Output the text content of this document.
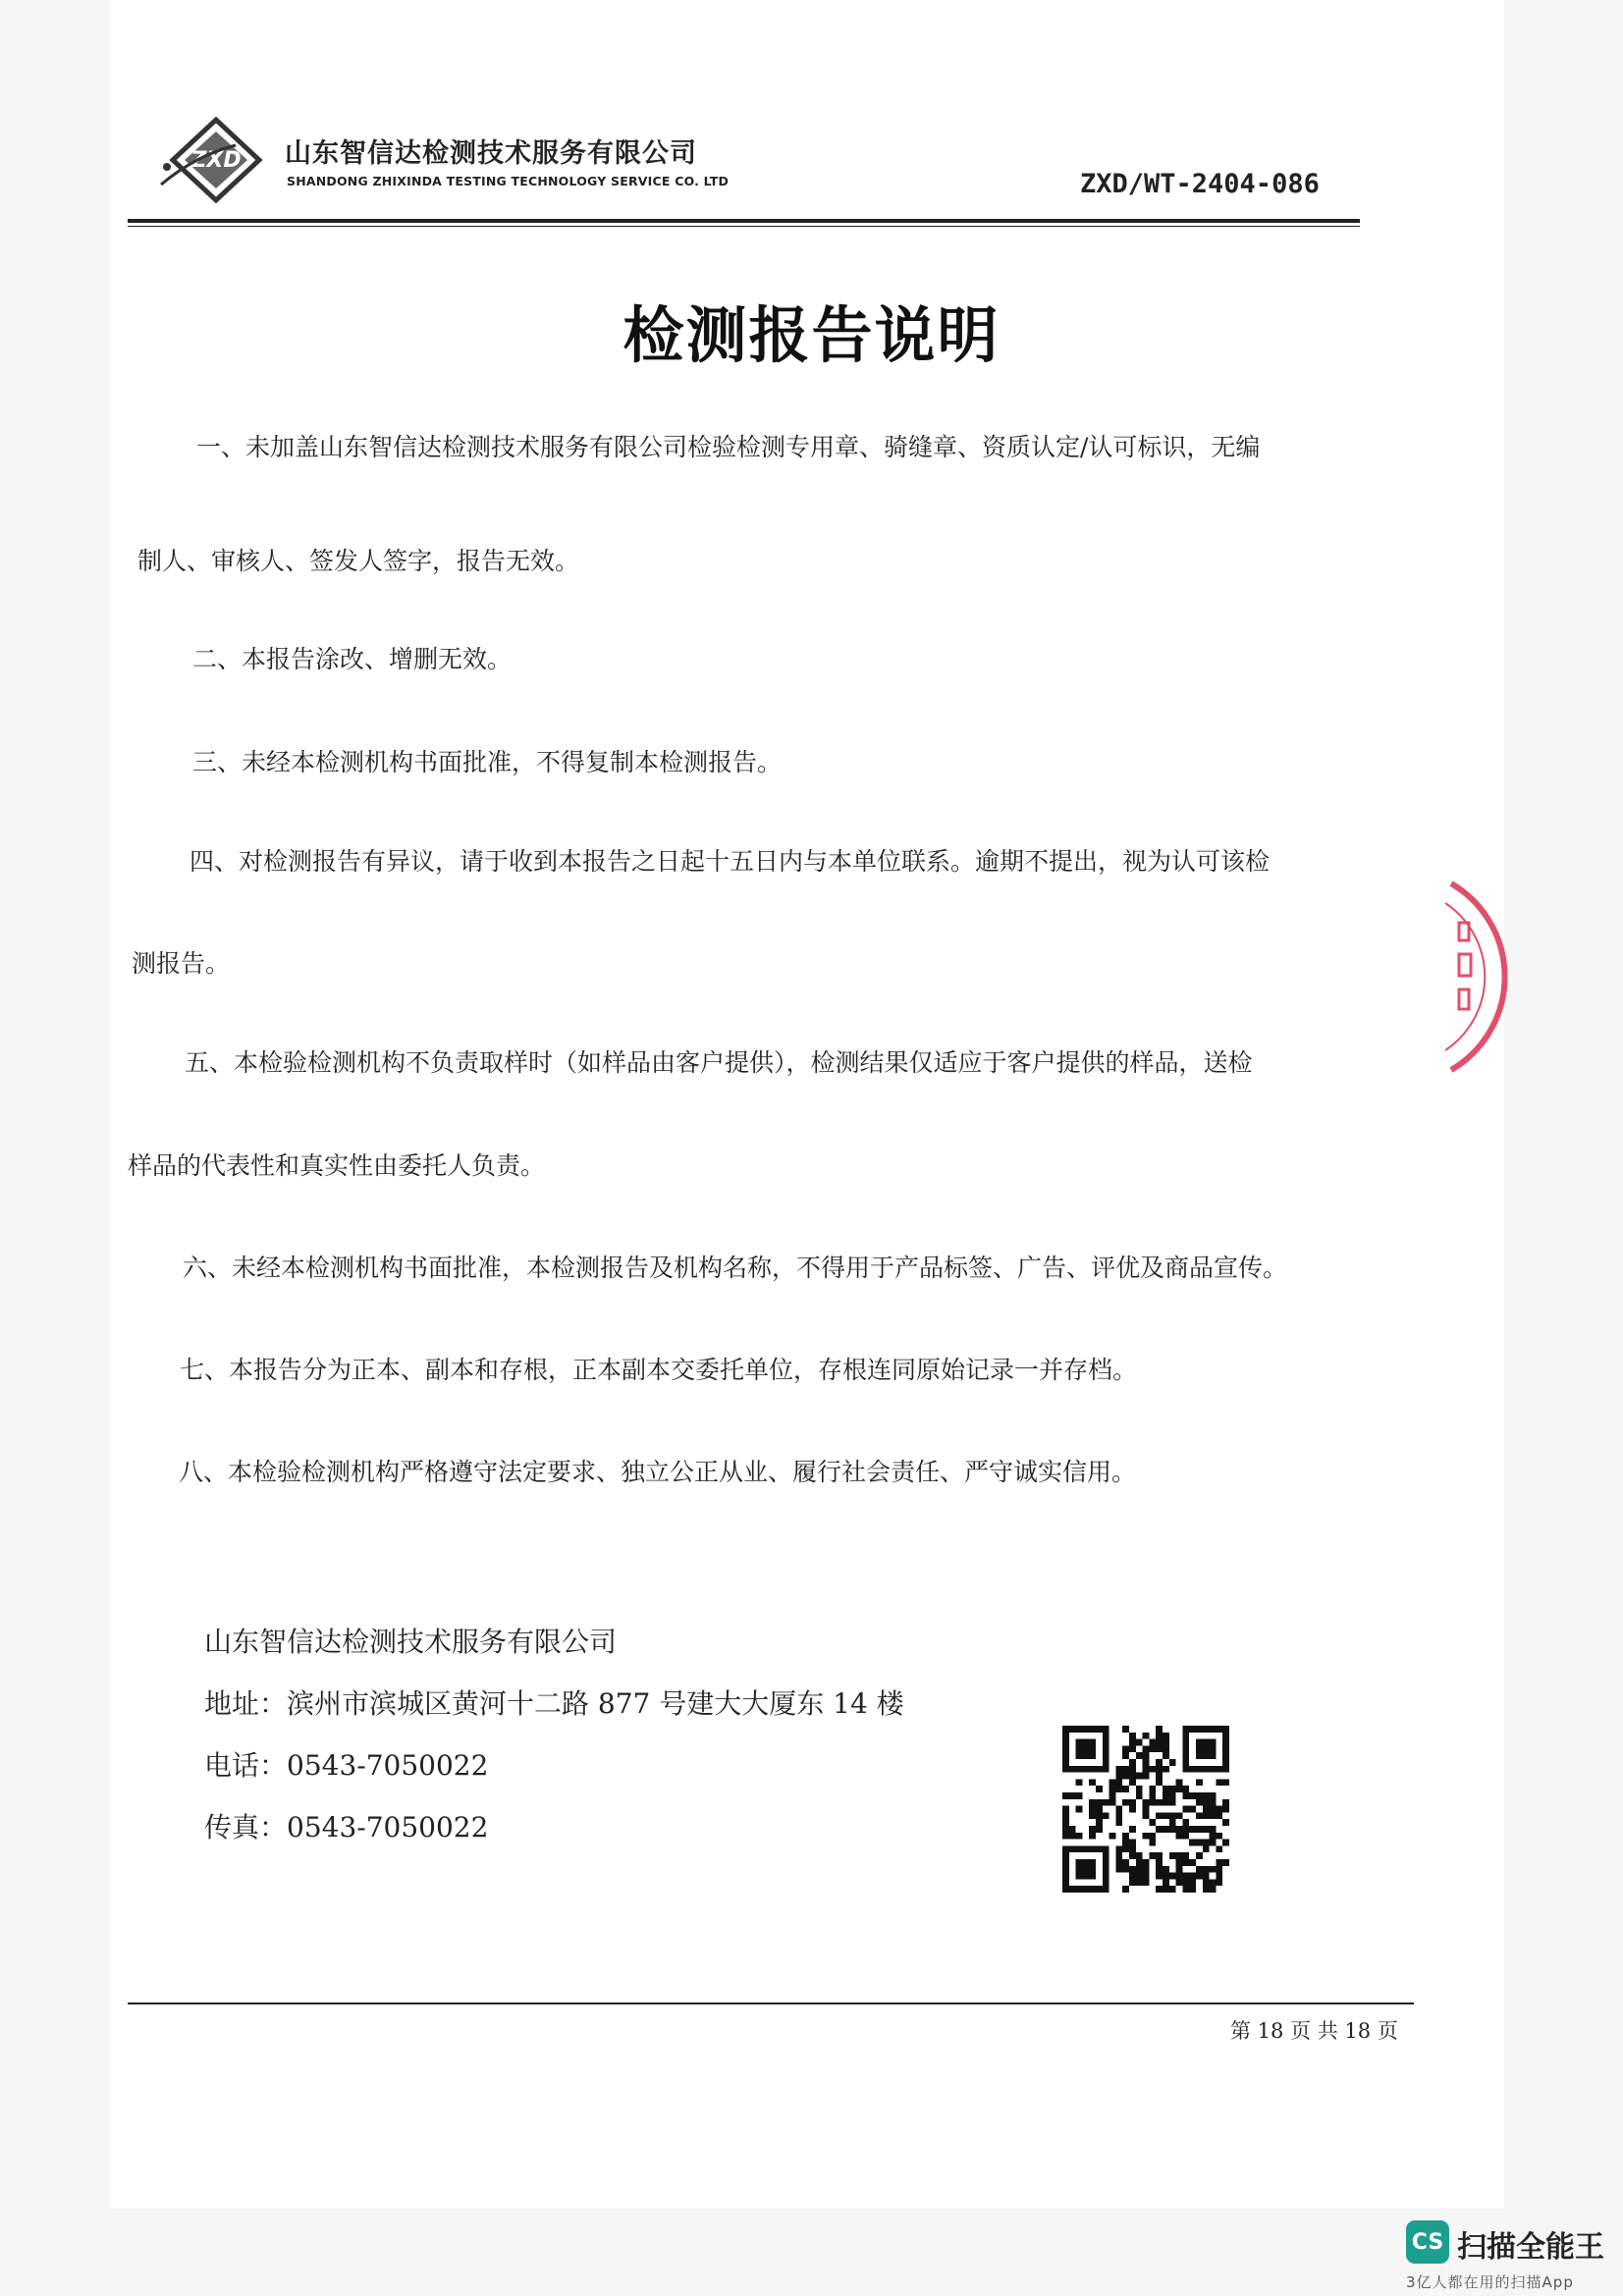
ZXD 山东智信达检测技术服务有限公司
SHANDONG ZHIXINDA TESTING TECHNOLOGY SERVICE CO. LTD	ZXD/WT-2404-086
检测报告说明
一、未加盖山东智信达检测技术服务有限公司检验检测专用章、骑缝章、资质认定/认可标识，无编
制人、审核人、签发人签字，报告无效。
二、本报告涂改、增删无效。
三、未经本检测机构书面批准，不得复制本检测报告。
四、对检测报告有异议，请于收到本报告之日起十五日内与本单位联系。逾期不提出，视为认可该检
测报告。
五、本检验检测机构不负责取样时（如样品由客户提供），检测结果仅适应于客户提供的样品，送检
样品的代表性和真实性由委托人负责。
六、未经本检测机构书面批准，本检测报告及机构名称，不得用于产品标签、广告、评优及商品宣传。
七、本报告分为正本、副本和存根，正本副本交委托单位，存根连同原始记录一并存档。
八、本检验检测机构严格遵守法定要求、独立公正从业、履行社会责任、严守诚实信用。
山东智信达检测技术服务有限公司
地址：滨州市滨城区黄河十二路 877 号建大大厦东 14 楼
电话：0543-7050022
传真：0543-7050022
第 18 页 共 18 页
CS 扫描全能王
3亿人都在用的扫描App
